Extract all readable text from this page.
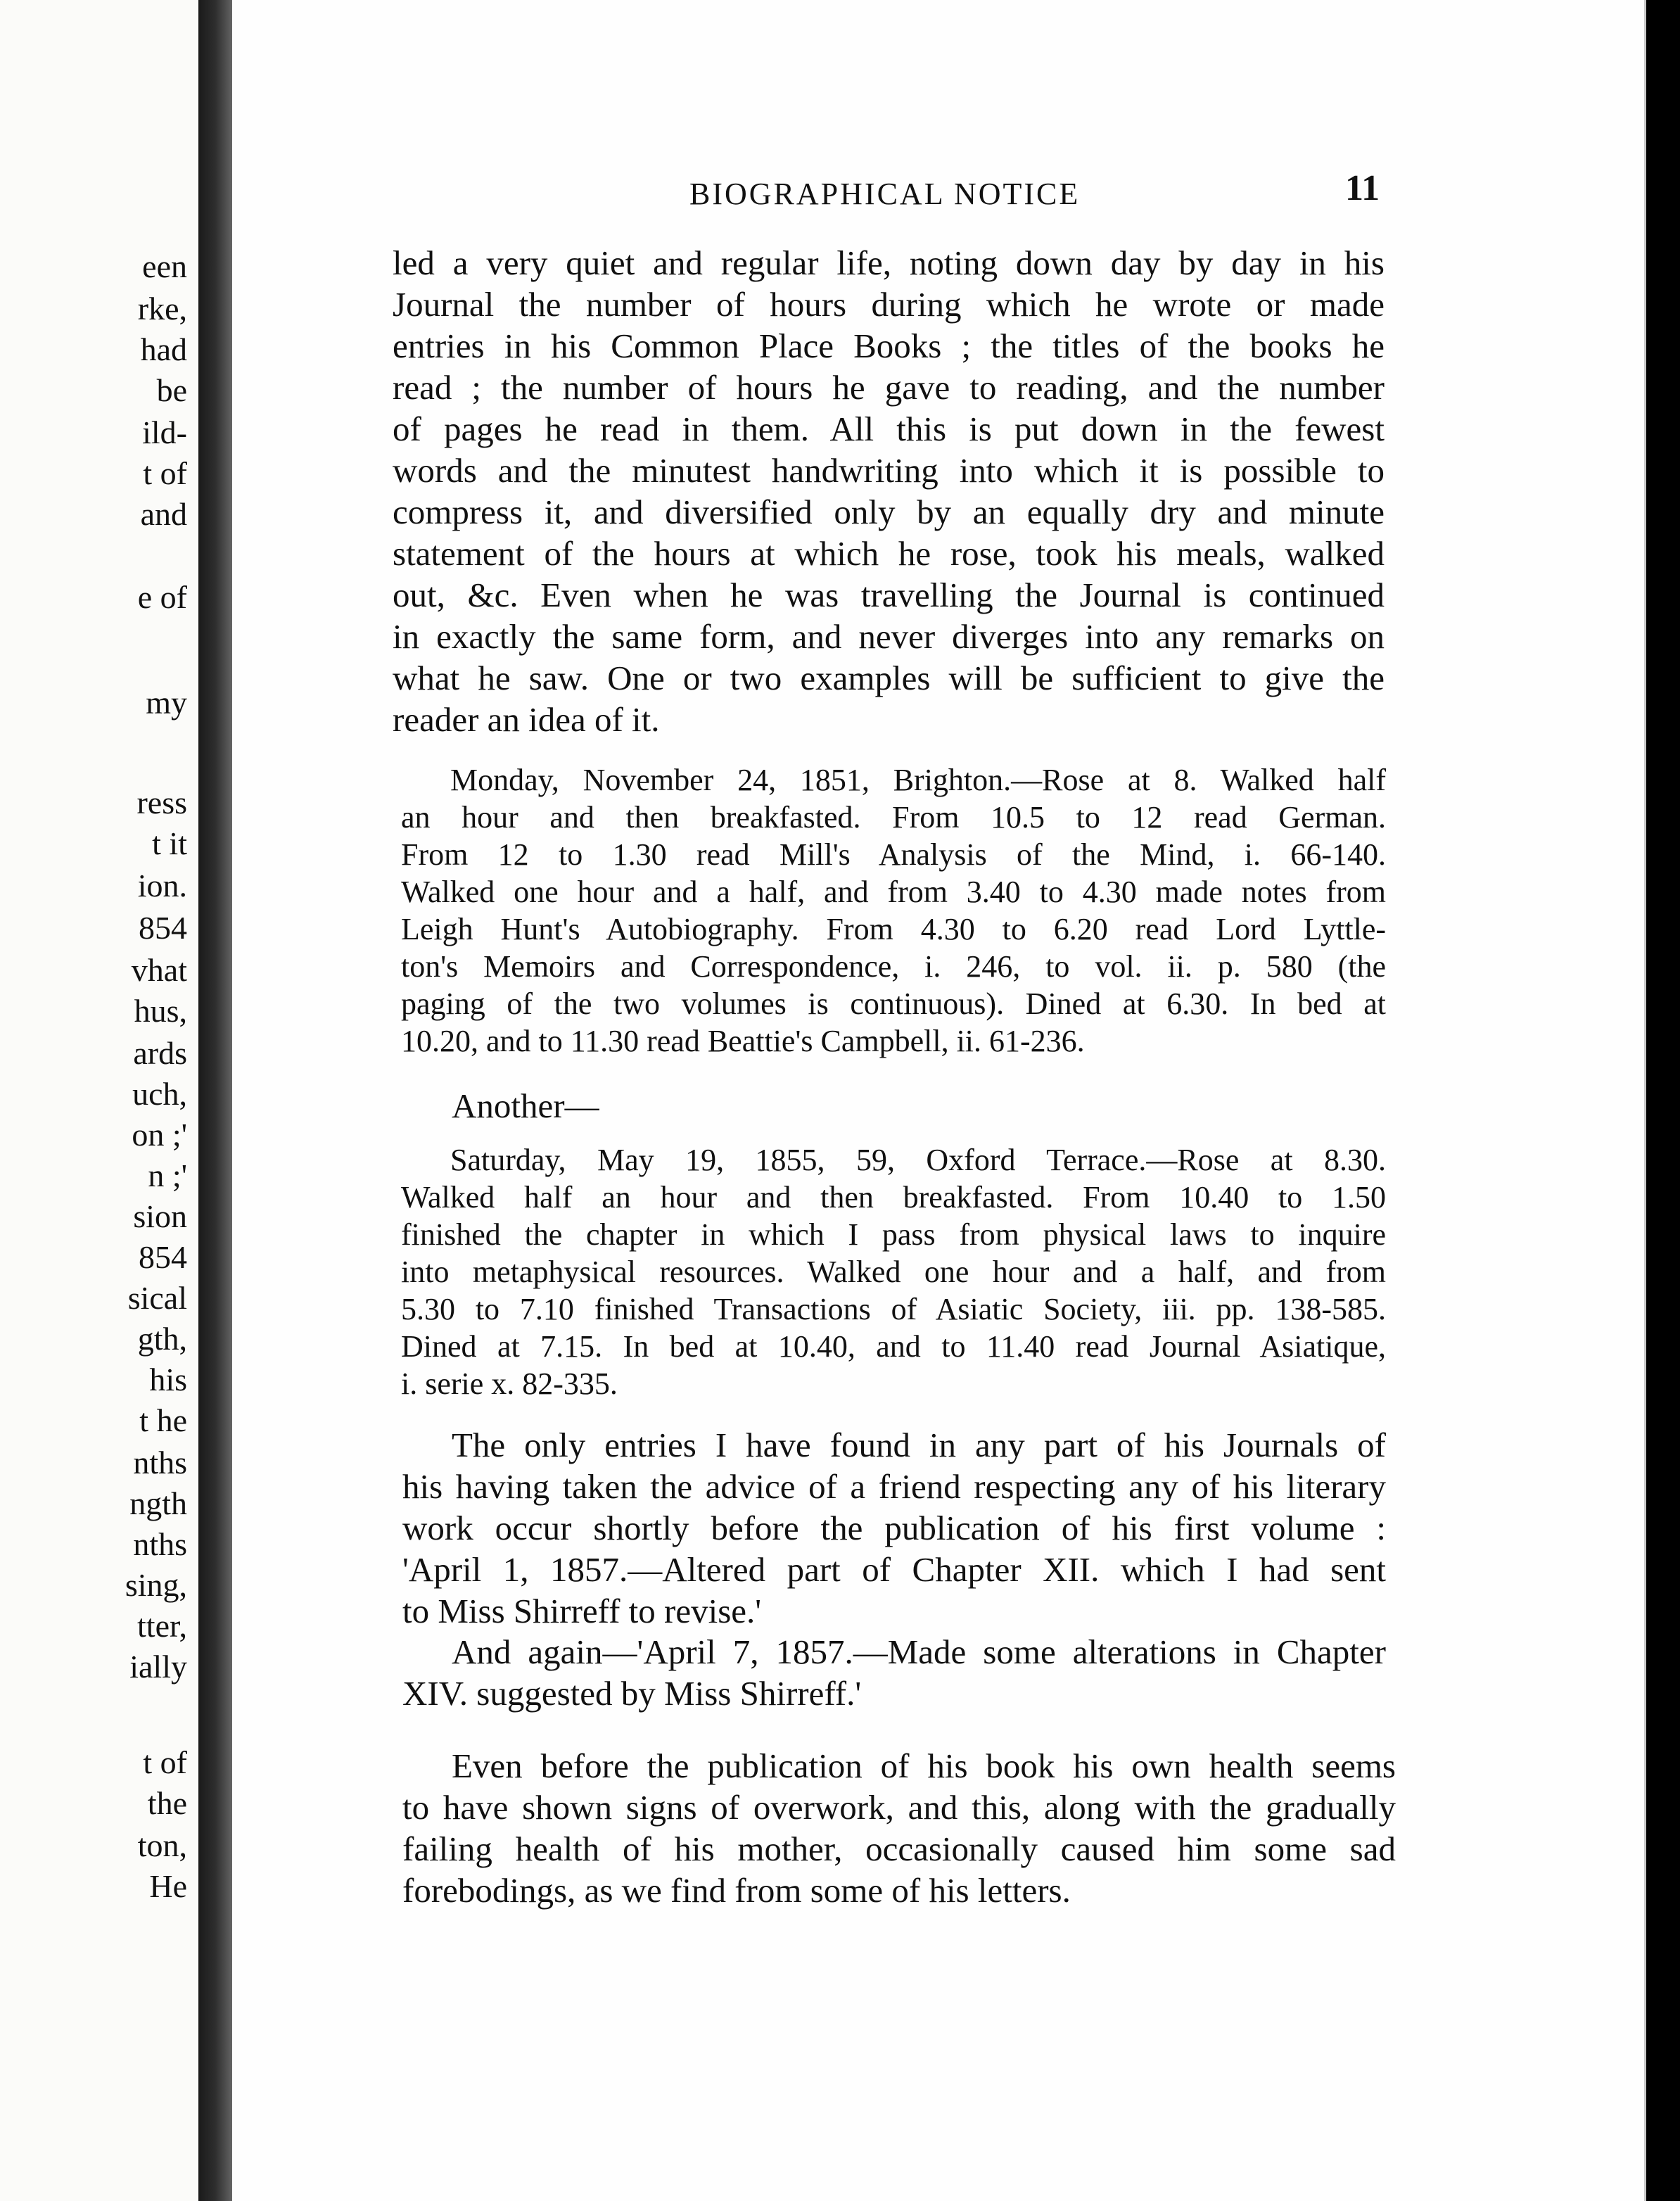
een
rke,
had
be
ild-
t of
and
e of
my
ress
t it
ion.
854
vhat
hus,
ards
uch,
on ;'
n ;'
sion
854
sical
gth,
his
t he
nths
ngth
nths
sing,
tter,
ially
t of
the
ton,
He
BIOGRAPHICAL NOTICE	11
led a very quiet and regular life, noting down day by day in his
Journal the number of hours during which he wrote or made
entries in his Common Place Books ; the titles of the books he
read ; the number of hours he gave to reading, and the number
of pages he read in them. All this is put down in the fewest
words and the minutest handwriting into which it is possible to
compress it, and diversified only by an equally dry and minute
statement of the hours at which he rose, took his meals, walked
out, &c. Even when he was travelling the Journal is continued
in exactly the same form, and never diverges into any remarks on
what he saw. One or two examples will be sufficient to give the
reader an idea of it.
Monday, November 24, 1851, Brighton.—Rose at 8. Walked half
an hour and then breakfasted. From 10.5 to 12 read German.
From 12 to 1.30 read Mill's Analysis of the Mind, i. 66-140.
Walked one hour and a half, and from 3.40 to 4.30 made notes from
Leigh Hunt's Autobiography. From 4.30 to 6.20 read Lord Lyttle-
ton's Memoirs and Correspondence, i. 246, to vol. ii. p. 580 (the
paging of the two volumes is continuous). Dined at 6.30. In bed at
10.20, and to 11.30 read Beattie's Campbell, ii. 61-236.
Another—
Saturday, May 19, 1855, 59, Oxford Terrace.—Rose at 8.30.
Walked half an hour and then breakfasted. From 10.40 to 1.50
finished the chapter in which I pass from physical laws to inquire
into metaphysical resources. Walked one hour and a half, and from
5.30 to 7.10 finished Transactions of Asiatic Society, iii. pp. 138-585.
Dined at 7.15. In bed at 10.40, and to 11.40 read Journal Asiatique,
i. serie x. 82-335.
The only entries I have found in any part of his Journals of
his having taken the advice of a friend respecting any of his literary
work occur shortly before the publication of his first volume :
'April 1, 1857.—Altered part of Chapter XII. which I had sent
to Miss Shirreff to revise.'
And again—'April 7, 1857.—Made some alterations in Chapter
XIV. suggested by Miss Shirreff.'
Even before the publication of his book his own health seems
to have shown signs of overwork, and this, along with the gradually
failing health of his mother, occasionally caused him some sad
forebodings, as we find from some of his letters.
